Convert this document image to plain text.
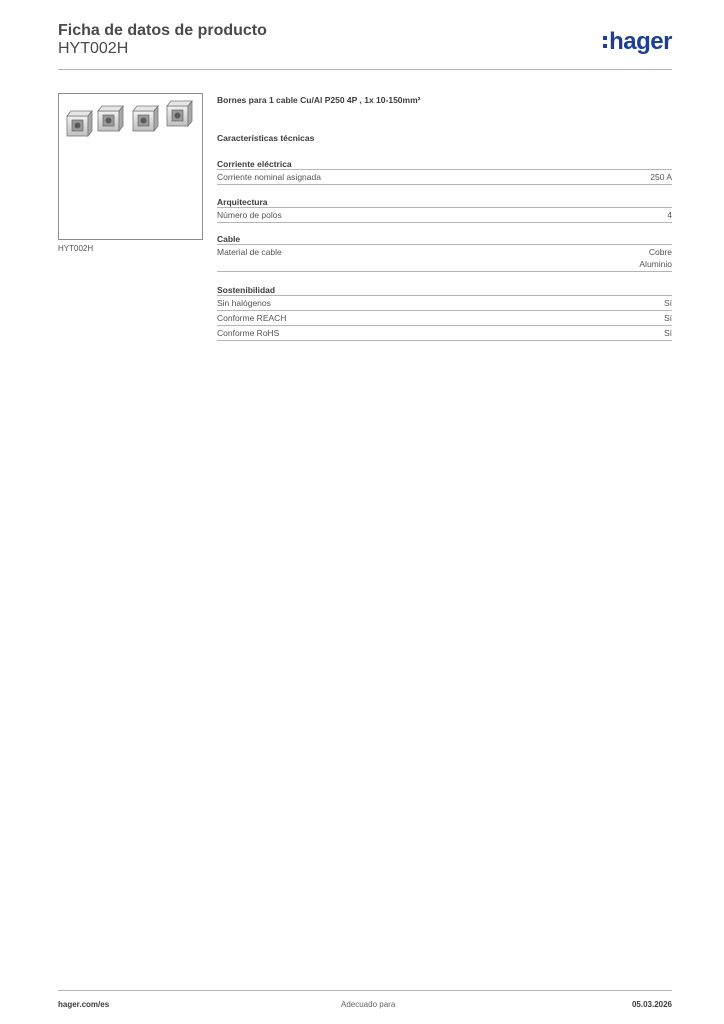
Ficha de datos de producto
HYT002H	hager
HYT002H
Bornes para 1 cable Cu/Al P250 4P , 1x 10-150mm²
Características técnicas
Corriente eléctrica
Corriente nominal asignada	250 A
Arquitectura
Número de polos	4
Cable
Material de cable	Cobre
Aluminio
Sostenibilidad
Sin halógenos	Sí
Conforme REACH	Sí
Conforme RoHS	Sí
hager.com/es	Adecuado para	05.03.2026
